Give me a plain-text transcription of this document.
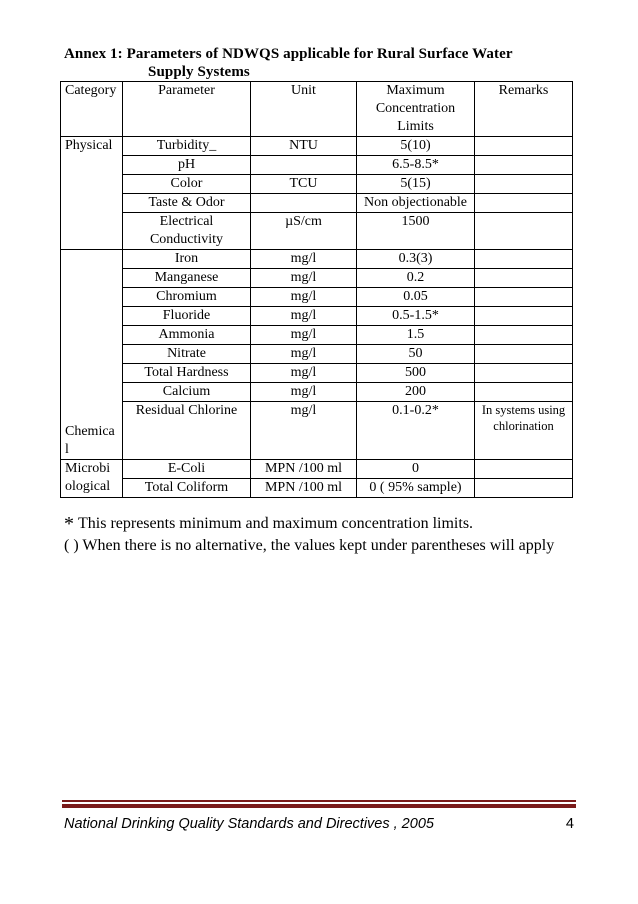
Annex 1: Parameters of NDWQS applicable for Rural Surface Water
Supply Systems
Category	Parameter	Unit	Maximum Concentration Limits	Remarks
Physical	Turbidity_	NTU	5(10)	
	pH		6.5-8.5*	
	Color	TCU	5(15)	
	Taste & Odor		Non objectionable	
	Electrical Conductivity	µS/cm	1500	
Chemica l	Iron	mg/l	0.3(3)	
	Manganese	mg/l	0.2	
	Chromium	mg/l	0.05	
	Fluoride	mg/l	0.5-1.5*	
	Ammonia	mg/l	1.5	
	Nitrate	mg/l	50	
	Total Hardness	mg/l	500	
	Calcium	mg/l	200	
	Residual Chlorine	mg/l	0.1-0.2*	In systems using chlorination
Microbi ological	E-Coli	MPN /100 ml	0	
	Total Coliform	MPN /100 ml	0 ( 95% sample)	
* This represents minimum and maximum concentration limits.
( ) When there is no alternative, the values kept under parentheses will apply
National Drinking Quality Standards and Directives , 2005	4
